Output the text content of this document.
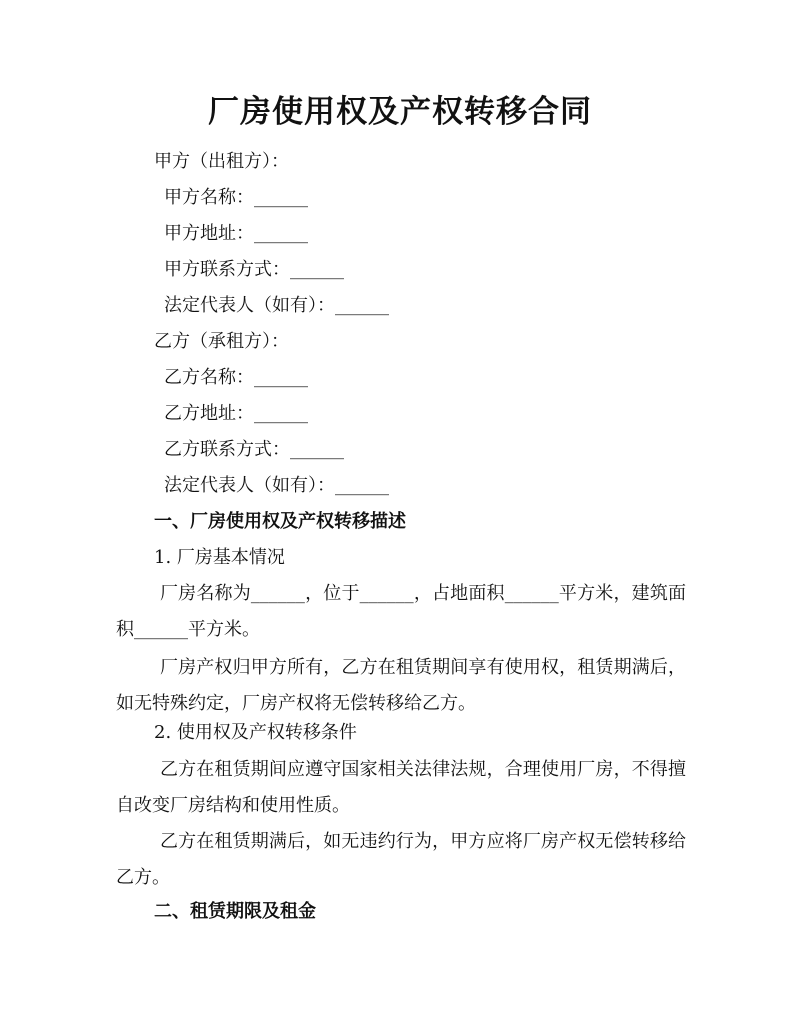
厂房使用权及产权转移合同

甲方（出租方）：

甲方名称：______

甲方地址：______

甲方联系方式：______

法定代表人（如有）：______

乙方（承租方）：

乙方名称：______

乙方地址：______

乙方联系方式：______

法定代表人（如有）：______

一、厂房使用权及产权转移描述

1. 厂房基本情况

厂房名称为______，位于______，占地面积______平方米，建筑面积______平方米。

厂房产权归甲方所有，乙方在租赁期间享有使用权，租赁期满后，如无特殊约定，厂房产权将无偿转移给乙方。

2. 使用权及产权转移条件

乙方在租赁期间应遵守国家相关法律法规，合理使用厂房，不得擅自改变厂房结构和使用性质。

乙方在租赁期满后，如无违约行为，甲方应将厂房产权无偿转移给乙方。

二、租赁期限及租金
